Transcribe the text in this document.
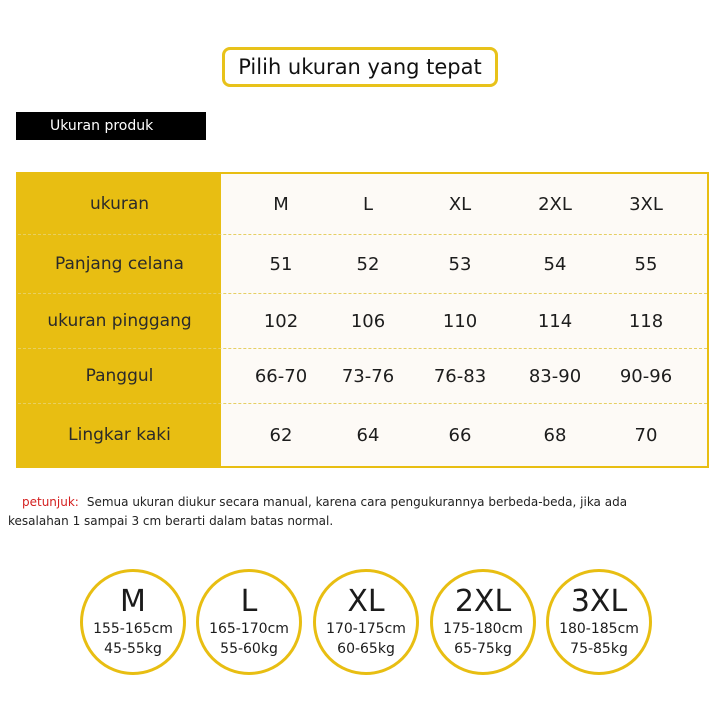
Pilih ukuran yang tepat
Ukuran produk
ukuran	M	L	XL	2XL	3XL
Panjang celana	51	52	53	54	55
ukuran pinggang	102	106	110	114	118
Panggul	66-70 73-76 76-83 83-90 90-96
Lingkar kaki	62	64	66	68	70
petunjuk: Semua ukuran diukur secara manual, karena cara pengukurannya berbeda-beda, jika ada
kesalahan 1 sampai 3 cm berarti dalam batas normal.
M
155-165cm
45-55kg
L
165-170cm
55-60kg
XL
170-175cm
60-65kg
2XL
175-180cm
65-75kg
3XL
180-185cm
75-85kg
